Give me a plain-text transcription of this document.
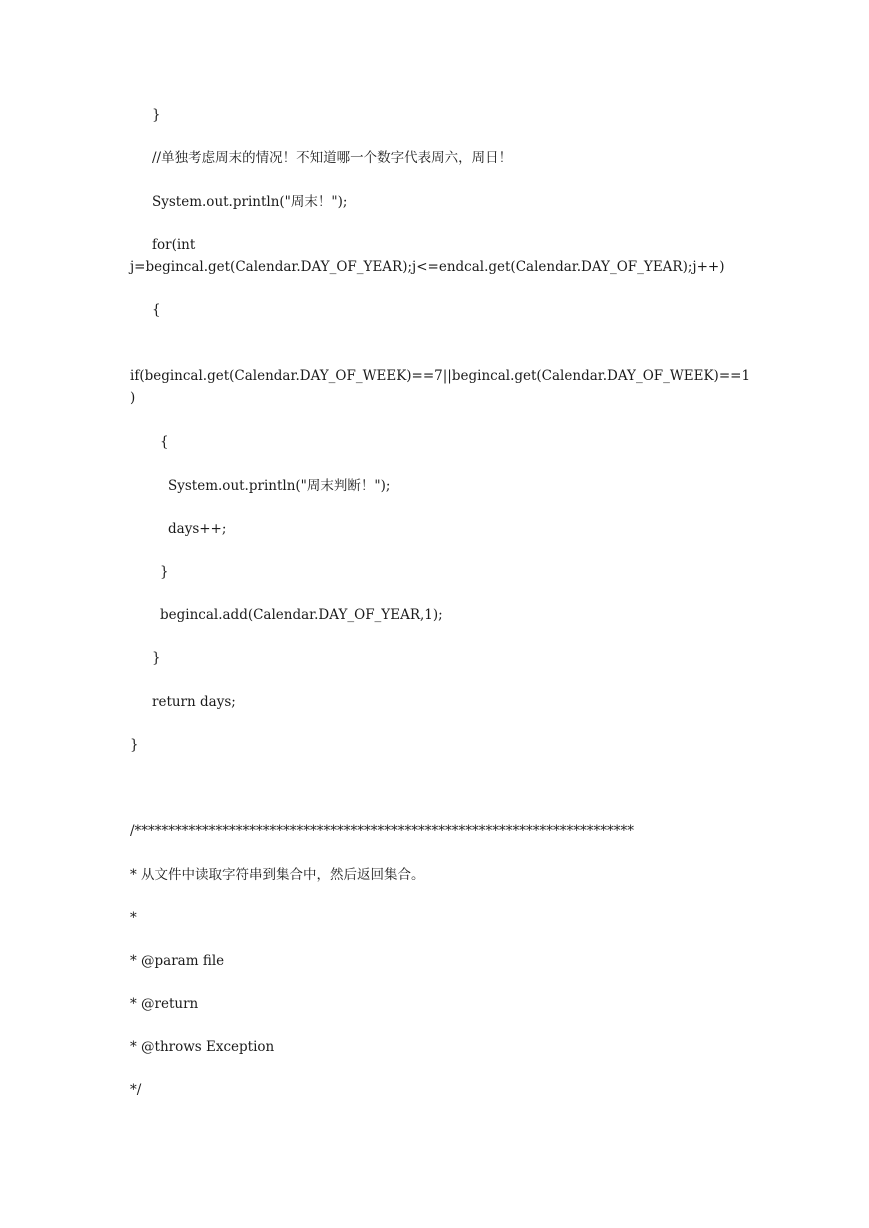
}
//单独考虑周末的情况！不知道哪一个数字代表周六，周日！
System.out.println("周末！");
for(int
j=begincal.get(Calendar.DAY_OF_YEAR);j<=endcal.get(Calendar.DAY_OF_YEAR);j++)
{
if(begincal.get(Calendar.DAY_OF_WEEK)==7||begincal.get(Calendar.DAY_OF_WEEK)==1
)
{
System.out.println("周末判断！");
days++;
}
begincal.add(Calendar.DAY_OF_YEAR,1);
}
return days;
}
/**************************************************************************
* 从文件中读取字符串到集合中，然后返回集合。
*
* @param file
* @return
* @throws Exception
*/
